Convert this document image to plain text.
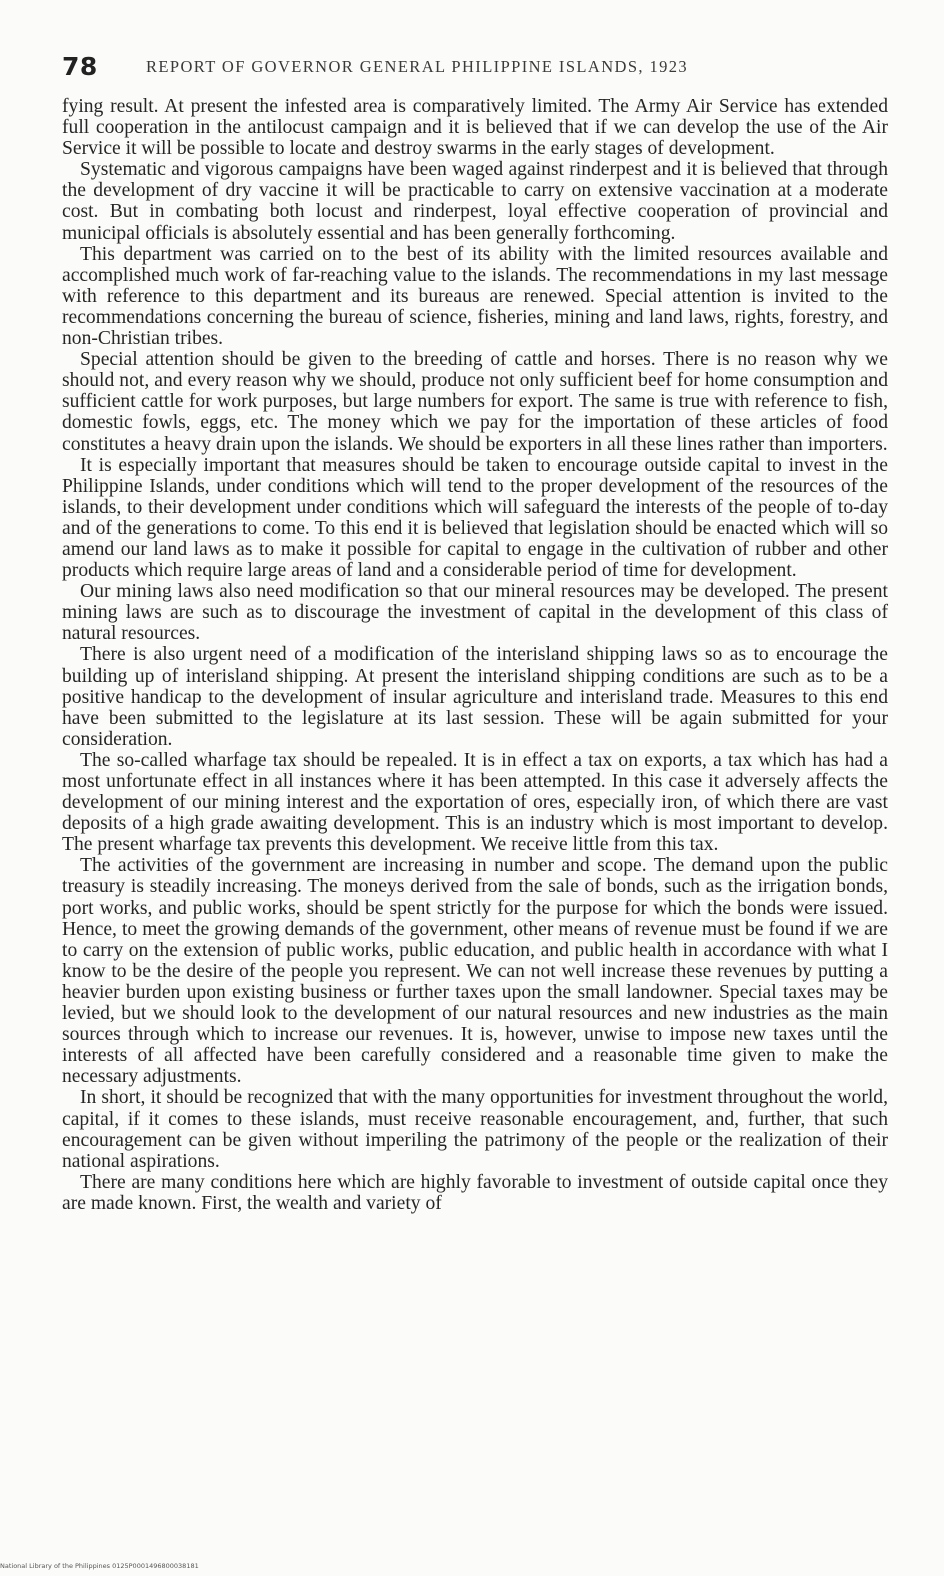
78	REPORT OF GOVERNOR GENERAL PHILIPPINE ISLANDS, 1923

fying result. At present the infested area is comparatively limited. The Army Air Service has extended full cooperation in the antilocust campaign and it is believed that if we can develop the use of the Air Service it will be possible to locate and destroy swarms in the early stages of development.

Systematic and vigorous campaigns have been waged against rinderpest and it is believed that through the development of dry vaccine it will be practicable to carry on extensive vaccination at a moderate cost. But in combating both locust and rinderpest, loyal effective cooperation of provincial and municipal officials is absolutely essential and has been generally forthcoming.

This department was carried on to the best of its ability with the limited resources available and accomplished much work of far-reaching value to the islands. The recommendations in my last message with reference to this department and its bureaus are renewed. Special attention is invited to the recommendations concerning the bureau of science, fisheries, mining and land laws, rights, forestry, and non-Christian tribes.

Special attention should be given to the breeding of cattle and horses. There is no reason why we should not, and every reason why we should, produce not only sufficient beef for home consumption and sufficient cattle for work purposes, but large numbers for export. The same is true with reference to fish, domestic fowls, eggs, etc. The money which we pay for the importation of these articles of food constitutes a heavy drain upon the islands. We should be exporters in all these lines rather than importers.

It is especially important that measures should be taken to encourage outside capital to invest in the Philippine Islands, under conditions which will tend to the proper development of the resources of the islands, to their development under conditions which will safeguard the interests of the people of to-day and of the generations to come. To this end it is believed that legislation should be enacted which will so amend our land laws as to make it possible for capital to engage in the cultivation of rubber and other products which require large areas of land and a considerable period of time for development.

Our mining laws also need modification so that our mineral resources may be developed. The present mining laws are such as to discourage the investment of capital in the development of this class of natural resources.

There is also urgent need of a modification of the interisland shipping laws so as to encourage the building up of interisland shipping. At present the interisland shipping conditions are such as to be a positive handicap to the development of insular agriculture and interisland trade. Measures to this end have been submitted to the legislature at its last session. These will be again submitted for your consideration.

The so-called wharfage tax should be repealed. It is in effect a tax on exports, a tax which has had a most unfortunate effect in all instances where it has been attempted. In this case it adversely affects the development of our mining interest and the exportation of ores, especially iron, of which there are vast deposits of a high grade awaiting development. This is an industry which is most important to develop. The present wharfage tax prevents this development. We receive little from this tax.

The activities of the government are increasing in number and scope. The demand upon the public treasury is steadily increasing. The moneys derived from the sale of bonds, such as the irrigation bonds, port works, and public works, should be spent strictly for the purpose for which the bonds were issued. Hence, to meet the growing demands of the government, other means of revenue must be found if we are to carry on the extension of public works, public education, and public health in accordance with what I know to be the desire of the people you represent. We can not well increase these revenues by putting a heavier burden upon existing business or further taxes upon the small landowner. Special taxes may be levied, but we should look to the development of our natural resources and new industries as the main sources through which to increase our revenues. It is, however, unwise to impose new taxes until the interests of all affected have been carefully considered and a reasonable time given to make the necessary adjustments.

In short, it should be recognized that with the many opportunities for investment throughout the world, capital, if it comes to these islands, must receive reasonable encouragement, and, further, that such encouragement can be given without imperiling the patrimony of the people or the realization of their national aspirations.

There are many conditions here which are highly favorable to investment of outside capital once they are made known. First, the wealth and variety of

National Library of the Philippines 0125P0001496800038181
